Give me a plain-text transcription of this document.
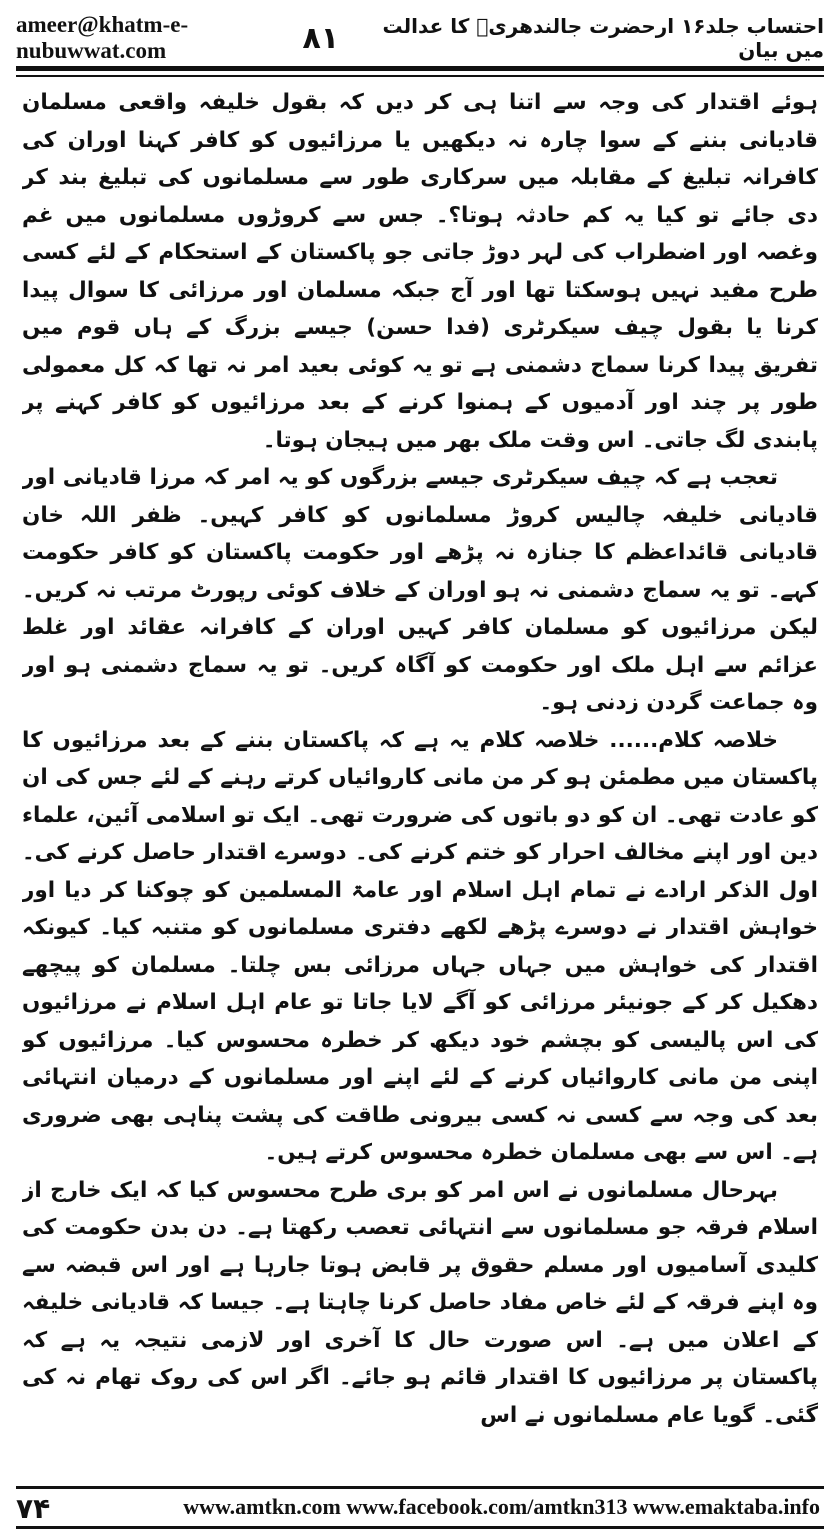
ameer@khatm-e-nubuwwat.com	۸۱	احتساب جلد۱۶ ارحضرت جالندھریؒ کا عدالت میں بیان

ہوئے اقتدار کی وجہ سے اتنا ہی کر دیں کہ بقول خلیفہ واقعی مسلمان قادیانی بننے کے سوا چارہ نہ دیکھیں یا مرزائیوں کو کافر کہنا اوران کی کافرانہ تبلیغ کے مقابلہ میں سرکاری طور سے مسلمانوں کی تبلیغ بند کر دی جائے تو کیا یہ کم حادثہ ہوتا؟۔ جس سے کروڑوں مسلمانوں میں غم وغصہ اور اضطراب کی لہر دوڑ جاتی جو پاکستان کے استحکام کے لئے کسی طرح مفید نہیں ہوسکتا تھا اور آج جبکہ مسلمان اور مرزائی کا سوال پیدا کرنا یا بقول چیف سیکرٹری (فدا حسن) جیسے بزرگ کے ہاں قوم میں تفریق پیدا کرنا سماج دشمنی ہے تو یہ کوئی بعید امر نہ تھا کہ کل معمولی طور پر چند اور آدمیوں کے ہمنوا کرنے کے بعد مرزائیوں کو کافر کہنے پر پابندی لگ جاتی۔ اس وقت ملک بھر میں ہیجان ہوتا۔

تعجب ہے کہ چیف سیکرٹری جیسے بزرگوں کو یہ امر کہ مرزا قادیانی اور قادیانی خلیفہ چالیس کروڑ مسلمانوں کو کافر کہیں۔ ظفر اللہ خان قادیانی قائداعظم کا جنازہ نہ پڑھے اور حکومت پاکستان کو کافر حکومت کہے۔ تو یہ سماج دشمنی نہ ہو اوران کے خلاف کوئی رپورٹ مرتب نہ کریں۔ لیکن مرزائیوں کو مسلمان کافر کہیں اوران کے کافرانہ عقائد اور غلط عزائم سے اہل ملک اور حکومت کو آگاہ کریں۔ تو یہ سماج دشمنی ہو اور وہ جماعت گردن زدنی ہو۔

خلاصہ کلام...... خلاصہ کلام یہ ہے کہ پاکستان بننے کے بعد مرزائیوں کا پاکستان میں مطمئن ہو کر من مانی کاروائیاں کرتے رہنے کے لئے جس کی ان کو عادت تھی۔ ان کو دو باتوں کی ضرورت تھی۔ ایک تو اسلامی آئین، علماء دین اور اپنے مخالف احرار کو ختم کرنے کی۔ دوسرے اقتدار حاصل کرنے کی۔ اول الذکر ارادے نے تمام اہل اسلام اور عامۃ المسلمین کو چوکنا کر دیا اور خواہش اقتدار نے دوسرے پڑھے لکھے دفتری مسلمانوں کو متنبہ کیا۔ کیونکہ اقتدار کی خواہش میں جہاں جہاں مرزائی بس چلتا۔ مسلمان کو پیچھے دھکیل کر کے جونیئر مرزائی کو آگے لایا جاتا تو عام اہل اسلام نے مرزائیوں کی اس پالیسی کو بچشم خود دیکھ کر خطرہ محسوس کیا۔ مرزائیوں کو اپنی من مانی کاروائیاں کرنے کے لئے اپنے اور مسلمانوں کے درمیان انتہائی بعد کی وجہ سے کسی نہ کسی بیرونی طاقت کی پشت پناہی بھی ضروری ہے۔ اس سے بھی مسلمان خطرہ محسوس کرتے ہیں۔

بہرحال مسلمانوں نے اس امر کو بری طرح محسوس کیا کہ ایک خارج از اسلام فرقہ جو مسلمانوں سے انتہائی تعصب رکھتا ہے۔ دن بدن حکومت کی کلیدی آسامیوں اور مسلم حقوق پر قابض ہوتا جارہا ہے اور اس قبضہ سے وہ اپنے فرقہ کے لئے خاص مفاد حاصل کرنا چاہتا ہے۔ جیسا کہ قادیانی خلیفہ کے اعلان میں ہے۔ اس صورت حال کا آخری اور لازمی نتیجہ یہ ہے کہ پاکستان پر مرزائیوں کا اقتدار قائم ہو جائے۔ اگر اس کی روک تھام نہ کی گئی۔ گویا عام مسلمانوں نے اس

۷۴	www.amtkn.com www.facebook.com/amtkn313 www.emaktaba.info
